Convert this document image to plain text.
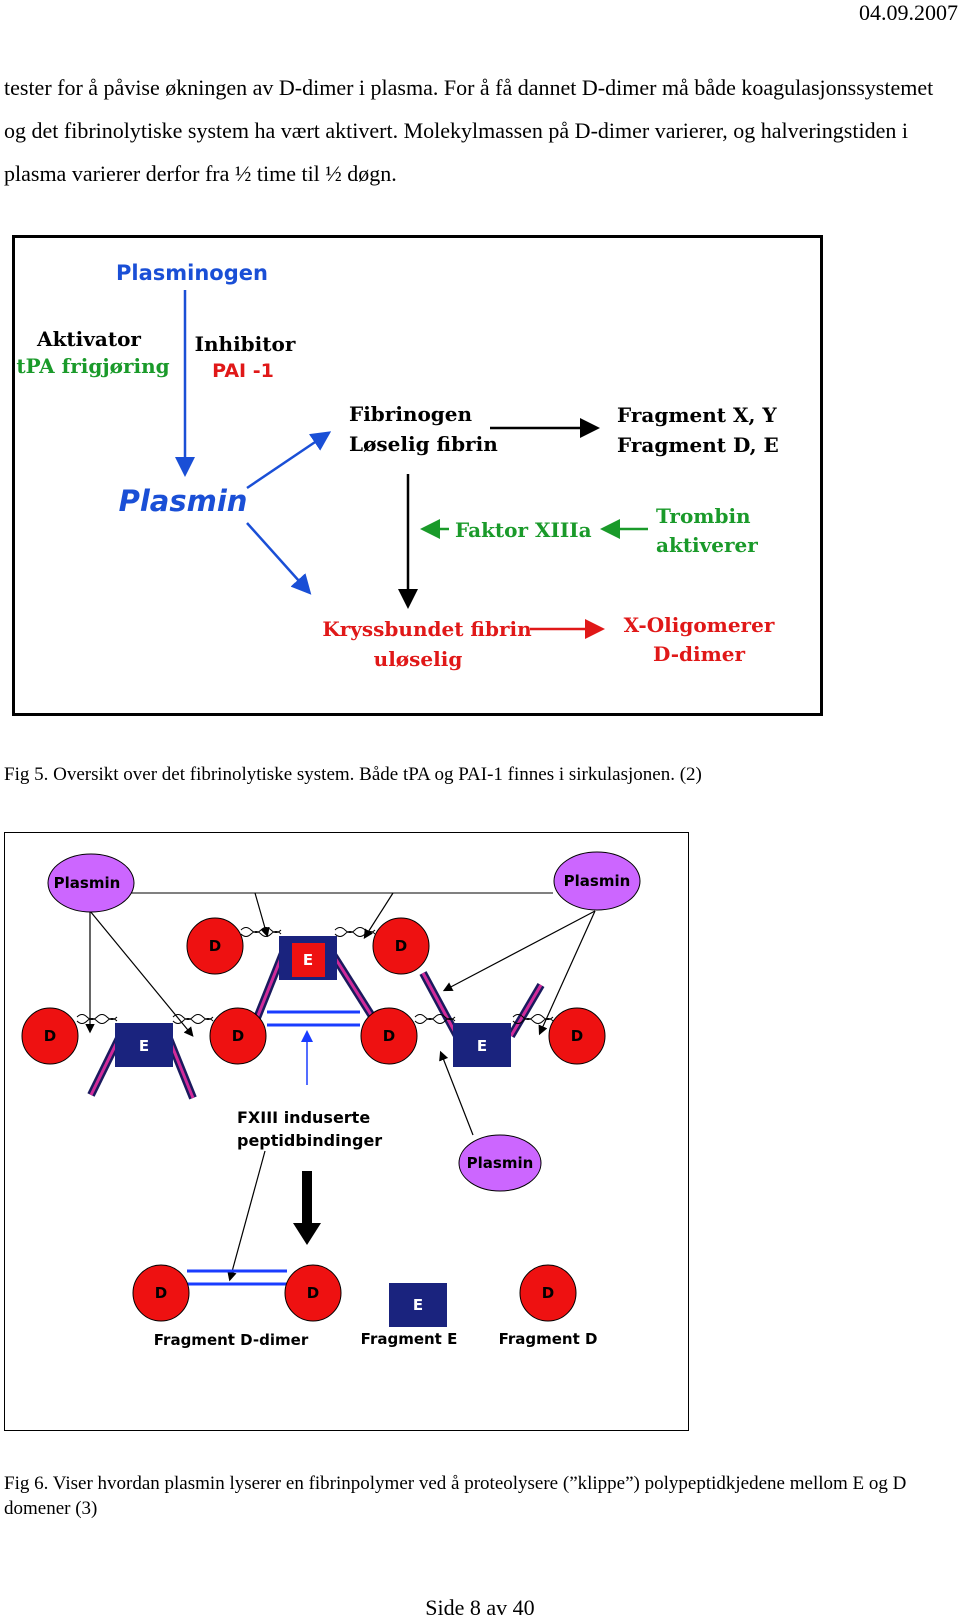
04.09.2007

tester for å påvise økningen av D-dimer i plasma. For å få dannet D-dimer må både koagulasjonssystemet og det fibrinolytiske system ha vært aktivert. Molekylmassen på D-dimer varierer, og halveringstiden i plasma varierer derfor fra ½ time til ½ døgn.

Plasminogen
Aktivator
tPA frigjøring
Inhibitor
PAI -1
Plasmin
Fibrinogen
Løselig fibrin
Fragment X, Y
Fragment D, E
Faktor XIIIa
Trombin
aktiverer
Kryssbundet fibrin
uløselig
X-Oligomerer
D-dimer
Fig 5. Oversikt over det fibrinolytiske system. Både tPA og PAI-1 finnes i sirkulasjonen. (2)
Plasmin	Plasmin
Plasmin
D	D
D	D	D	D
D	D	D
E
E	E
E
FXIII induserte
peptidbindinger
Fragment D-dimer	Fragment E	Fragment D
Fig 6. Viser hvordan plasmin lyserer en fibrinpolymer ved å proteolysere (”klippe”) polypeptidkjedene mellom E og D domener (3)
Side 8 av 40
